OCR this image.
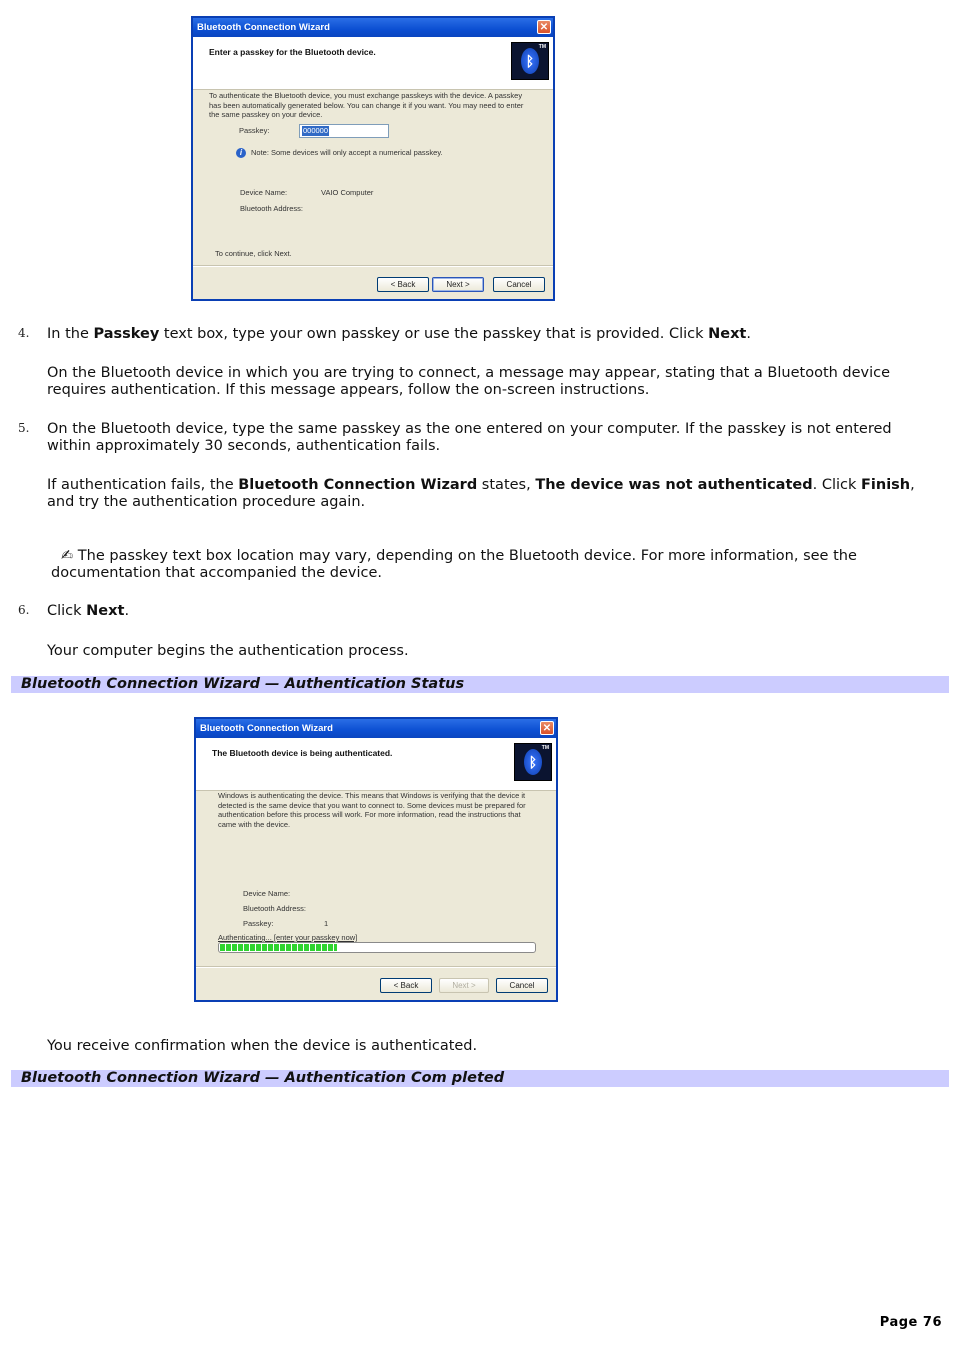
Bluetooth Connection Wizard	✕
Enter a passkey for the Bluetooth device.
ᛒ
TM
To authenticate the Bluetooth device, you must exchange passkeys with the device. A passkey has been automatically generated below. You can change it if you want. You may need to enter the same passkey on your device.
Passkey:	000000
i	Note: Some devices will only accept a numerical passkey.
Device Name:	VAIO Computer
Bluetooth Address:
To continue, click Next.
< Back	Next >	Cancel
4. In the Passkey text box, type your own passkey or use the passkey that is provided. Click Next.
On the Bluetooth device in which you are trying to connect, a message may appear, stating that a Bluetooth device requires authentication. If this message appears, follow the on-screen instructions.
5. On the Bluetooth device, type the same passkey as the one entered on your computer. If the passkey is not entered within approximately 30 seconds, authentication fails.
If authentication fails, the Bluetooth Connection Wizard states, The device was not authenticated. Click Finish, and try the authentication procedure again.
✍ The passkey text box location may vary, depending on the Bluetooth device. For more information, see the documentation that accompanied the device.
6. Click Next.
Your computer begins the authentication process.
Bluetooth Connection Wizard — Authentication Status
Bluetooth Connection Wizard	✕
The Bluetooth device is being authenticated.
ᛒ
TM
Windows is authenticating the device. This means that Windows is verifying that the device it detected is the same device that you want to connect to. Some devices must be prepared for authentication before this process will work. For more information, read the instructions that came with the device.
Device Name:
Bluetooth Address:
Passkey:	1
Authenticating... [enter your passkey now]
< Back	Next >	Cancel
You receive confirmation when the device is authenticated.
Bluetooth Connection Wizard — Authentication Com pleted
Page 76
